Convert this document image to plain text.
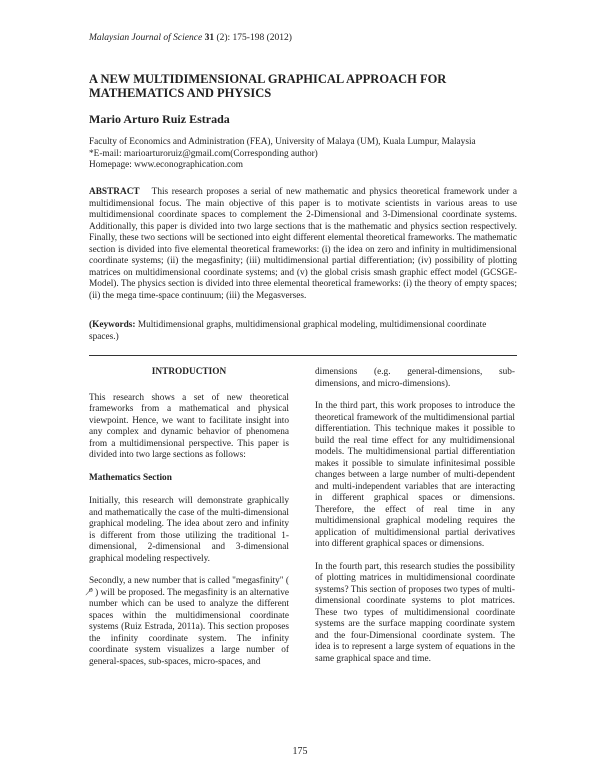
Malaysian Journal of Science 31 (2): 175-198 (2012)
A NEW MULTIDIMENSIONAL GRAPHICAL APPROACH FOR MATHEMATICS AND PHYSICS
Mario Arturo Ruiz Estrada
Faculty of Economics and Administration (FEA), University of Malaya (UM), Kuala Lumpur, Malaysia
*E-mail: marioarturoruiz@gmail.com(Corresponding author)
Homepage: www.econographication.com
ABSTRACT This research proposes a serial of new mathematic and physics theoretical framework under a multidimensional focus. The main objective of this paper is to motivate scientists in various areas to use multidimensional coordinate spaces to complement the 2-Dimensional and 3-Dimensional coordinate systems. Additionally, this paper is divided into two large sections that is the mathematic and physics section respectively. Finally, these two sections will be sectioned into eight different elemental theoretical frameworks. The mathematic section is divided into five elemental theoretical frameworks: (i) the idea on zero and infinity in multidimensional coordinate systems; (ii) the megasfinity; (iii) multidimensional partial differentiation; (iv) possibility of plotting matrices on multidimensional coordinate systems; and (v) the global crisis smash graphic effect model (GCSGE-Model). The physics section is divided into three elemental theoretical frameworks: (i) the theory of empty spaces; (ii) the mega time-space continuum; (iii) the Megasverses.
(Keywords: Multidimensional graphs, multidimensional graphical modeling, multidimensional coordinate spaces.)

INTRODUCTION

This research shows a set of new theoretical frameworks from a mathematical and physical viewpoint. Hence, we want to facilitate insight into any complex and dynamic behavior of phenomena from a multidimensional perspective. This paper is divided into two large sections as follows:

Mathematics Section

Initially, this research will demonstrate graphically and mathematically the case of the multi-dimensional graphical modeling. The idea about zero and infinity is different from those utilizing the traditional 1-dimensional, 2-dimensional and 3-dimensional graphical modeling respectively.

Secondly, a new number that is called "megasfinity" ( ⁰̸ ) will be proposed. The megasfinity is an alternative number which can be used to analyze the different spaces within the multidimensional coordinate systems (Ruiz Estrada, 2011a). This section proposes the infinity coordinate system. The infinity coordinate system visualizes a large number of general-spaces, sub-spaces, micro-spaces, and

dimensions (e.g. general-dimensions, sub-dimensions, and micro-dimensions).

In the third part, this work proposes to introduce the theoretical framework of the multidimensional partial differentiation. This technique makes it possible to build the real time effect for any multidimensional models. The multidimensional partial differentiation makes it possible to simulate infinitesimal possible changes between a large number of multi-dependent and multi-independent variables that are interacting in different graphical spaces or dimensions. Therefore, the effect of real time in any multidimensional graphical modeling requires the application of multidimensional partial derivatives into different graphical spaces or dimensions.

In the fourth part, this research studies the possibility of plotting matrices in multidimensional coordinate systems? This section of proposes two types of multi-dimensional coordinate systems to plot matrices. These two types of multidimensional coordinate systems are the surface mapping coordinate system and the four-Dimensional coordinate system. The idea is to represent a large system of equations in the same graphical space and time.

175
